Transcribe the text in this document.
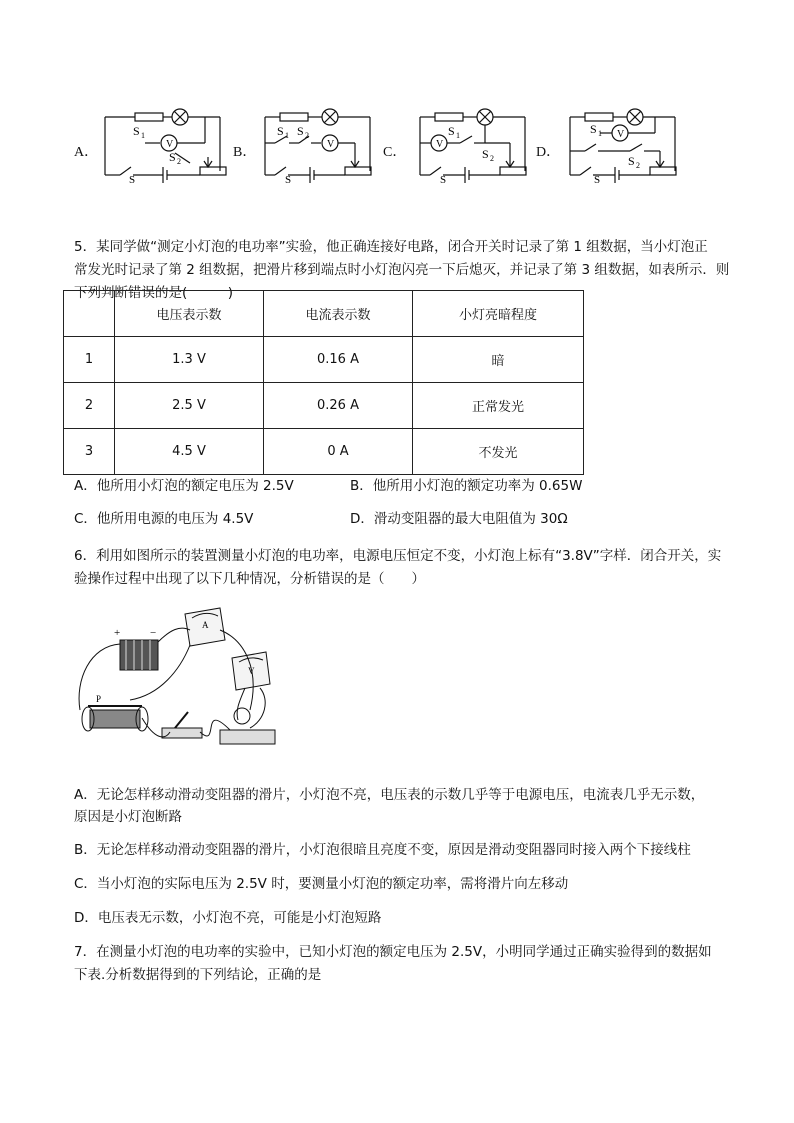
A．
S 1
V
S 2
S
B．
S 1 S 2
V
S
C．
S 1
V
S 2
S
D．
S 1 V
S 2
S
5．某同学做“测定小灯泡的电功率”实验，他正确连接好电路，闭合开关时记录了第 1 组数据，当小灯泡正
常发光时记录了第 2 组数据，把滑片移到端点时小灯泡闪亮一下后熄灭，并记录了第 3 组数据，如表所示．则
下列判断错误的是(　　　)
	电压表示数	电流表示数	小灯亮暗程度
1	1.3 V	0.16 A	暗
2	2.5 V	0.26 A	正常发光
3	4.5 V	0 A	不发光
A．他所用小灯泡的额定电压为 2.5V	B．他所用小灯泡的额定功率为 0.65W
C．他所用电源的电压为 4.5V	D．滑动变阻器的最大电阻值为 30Ω
6．利用如图所示的装置测量小灯泡的电功率，电源电压恒定不变，小灯泡上标有“3.8V”字样．闭合开关，实
验操作过程中出现了以下几种情况，分析错误的是（　　）
+	−
P
A
V
A．无论怎样移动滑动变阻器的滑片，小灯泡不亮，电压表的示数几乎等于电源电压，电流表几乎无示数，
原因是小灯泡断路
B．无论怎样移动滑动变阻器的滑片，小灯泡很暗且亮度不变，原因是滑动变阻器同时接入两个下接线柱
C．当小灯泡的实际电压为 2.5V 时，要测量小灯泡的额定功率，需将滑片向左移动
D．电压表无示数，小灯泡不亮，可能是小灯泡短路
7．在测量小灯泡的电功率的实验中，已知小灯泡的额定电压为 2.5V，小明同学通过正确实验得到的数据如
下表.分析数据得到的下列结论，正确的是
